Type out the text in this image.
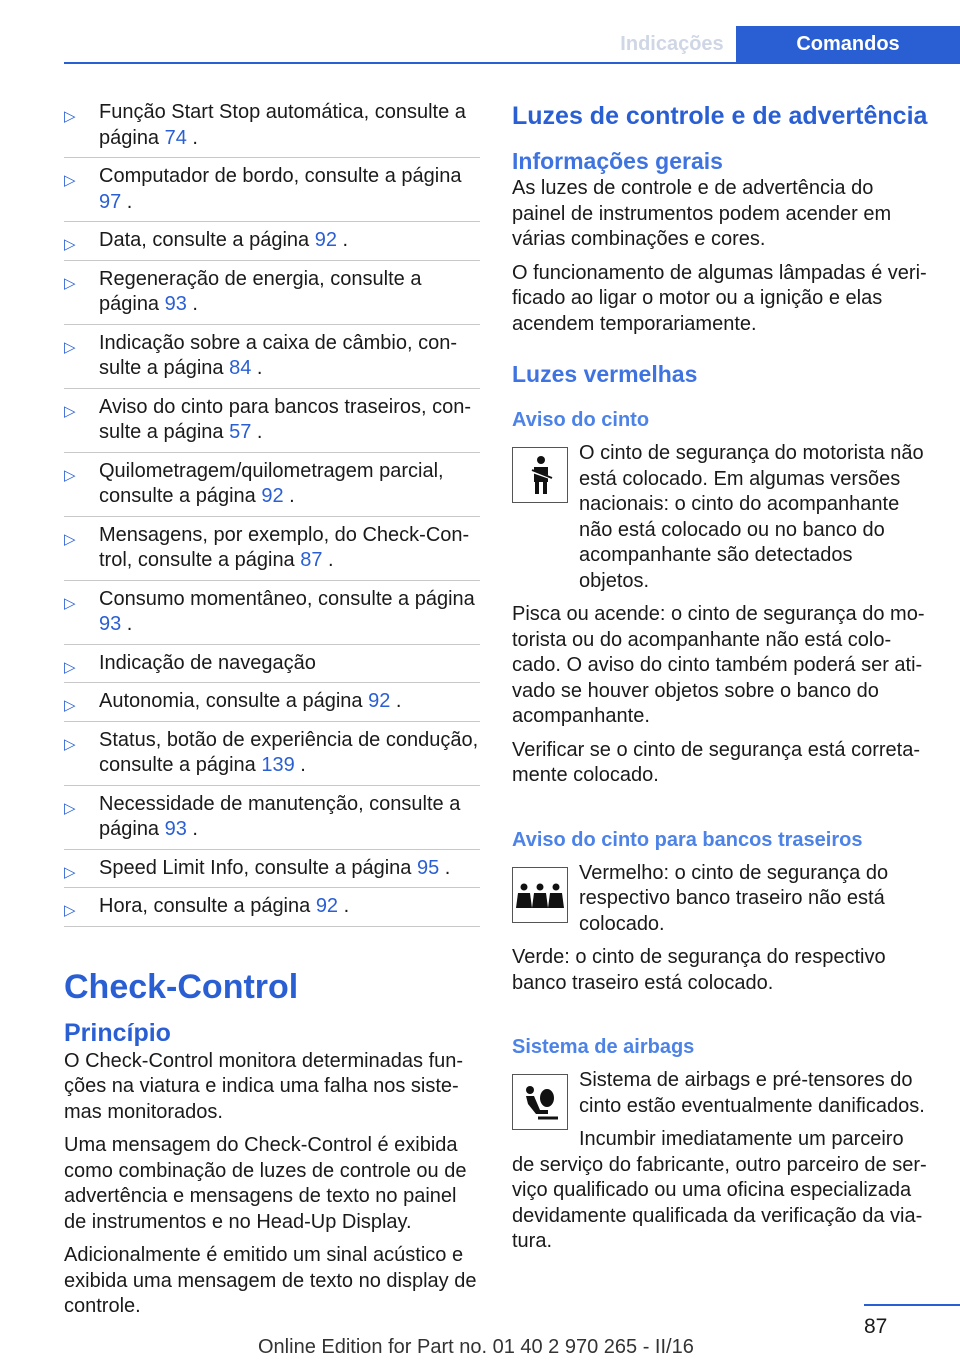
Indicações	Comandos
▷ Função Start Stop automática, consulte a página 74 .
▷ Computador de bordo, consulte a página 97 .
▷ Data, consulte a página 92 .
▷ Regeneração de energia, consulte a página 93 .
▷ Indicação sobre a caixa de câmbio, consulte a página 84 .
▷ Aviso do cinto para bancos traseiros, consulte a página 57 .
▷ Quilometragem/quilometragem parcial, consulte a página 92 .
▷ Mensagens, por exemplo, do Check-Control, consulte a página 87 .
▷ Consumo momentâneo, consulte a página 93 .
▷ Indicação de navegação
▷ Autonomia, consulte a página 92 .
▷ Status, botão de experiência de condução, consulte a página 139 .
▷ Necessidade de manutenção, consulte a página 93 .
▷ Speed Limit Info, consulte a página 95 .
▷ Hora, consulte a página 92 .
Check-Control
Princípio

O Check-Control monitora determinadas funções na viatura e indica uma falha nos sistemas monitorados.

Uma mensagem do Check-Control é exibida como combinação de luzes de controle ou de advertência e mensagens de texto no painel de instrumentos e no Head-Up Display.

Adicionalmente é emitido um sinal acústico e exibida uma mensagem de texto no display de controle.

Luzes de controle e de advertência
Informações gerais

As luzes de controle e de advertência do painel de instrumentos podem acender em várias combinações e cores.

O funcionamento de algumas lâmpadas é verificado ao ligar o motor ou a ignição e elas acendem temporariamente.

Luzes vermelhas
Aviso do cinto

O cinto de segurança do motorista não está colocado. Em algumas versões nacionais: o cinto do acompanhante não está colocado ou no banco do acompanhante são detectados objetos.

Pisca ou acende: o cinto de segurança do motorista ou do acompanhante não está colocado. O aviso do cinto também poderá ser ativado se houver objetos sobre o banco do acompanhante.

Verificar se o cinto de segurança está corretamente colocado.

Aviso do cinto para bancos traseiros

Vermelho: o cinto de segurança do respectivo banco traseiro não está colocado.

Verde: o cinto de segurança do respectivo banco traseiro está colocado.

Sistema de airbags

Sistema de airbags e pré-tensores do cinto estão eventualmente danificados.

Incumbir imediatamente um parceiro de serviço do fabricante, outro parceiro de serviço qualificado ou uma oficina especializada devidamente qualificada da verificação da viatura.

87
Online Edition for Part no. 01 40 2 970 265 - II/16
